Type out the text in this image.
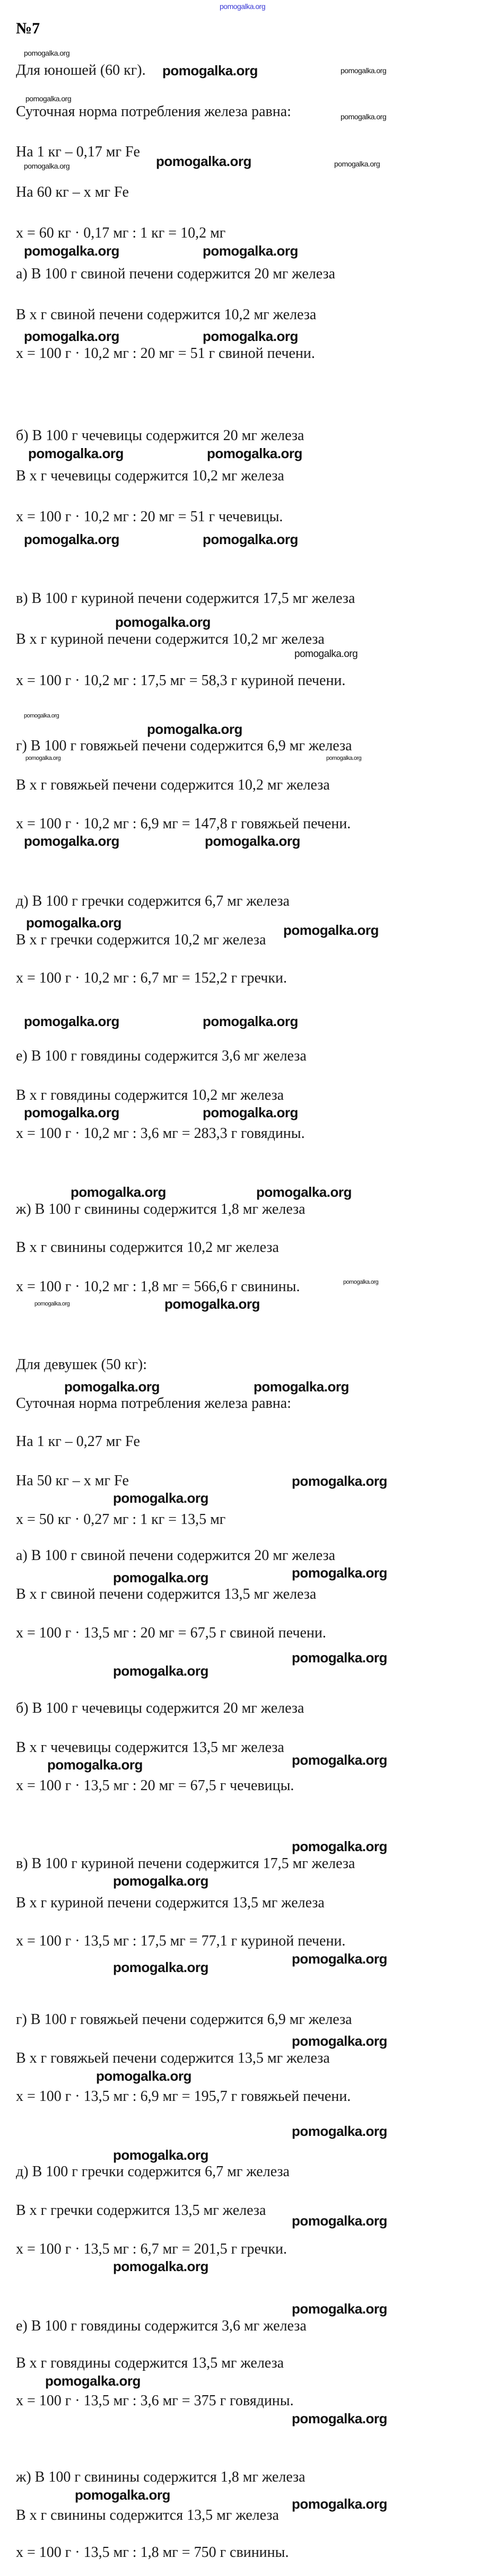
pomogalka.org
№7
Для юношей (60 кг).
Суточная норма потребления железа равна:
На 1 кг – 0,17 мг Fe
На 60 кг – х мг Fe
х = 60 кг · 0,17 мг : 1 кг = 10,2 мг
а) В 100 г свиной печени содержится 20 мг железа
В х г свиной печени содержится 10,2 мг железа
х = 100 г · 10,2 мг : 20 мг = 51 г свиной печени.
б) В 100 г чечевицы содержится 20 мг железа
В х г чечевицы содержится 10,2 мг железа
х = 100 г · 10,2 мг : 20 мг = 51 г чечевицы.
в) В 100 г куриной печени содержится 17,5 мг железа
В х г куриной печени содержится 10,2 мг железа
х = 100 г · 10,2 мг : 17,5 мг = 58,3 г куриной печени.
г) В 100 г говяжьей печени содержится 6,9 мг железа
В х г говяжьей печени содержится 10,2 мг железа
х = 100 г · 10,2 мг : 6,9 мг = 147,8 г говяжьей печени.
д) В 100 г гречки содержится 6,7 мг железа
В х г гречки содержится 10,2 мг железа
х = 100 г · 10,2 мг : 6,7 мг = 152,2 г гречки.
е) В 100 г говядины содержится 3,6 мг железа
В х г говядины содержится 10,2 мг железа
х = 100 г · 10,2 мг : 3,6 мг = 283,3 г говядины.
ж) В 100 г свинины содержится 1,8 мг железа
В х г свинины содержится 10,2 мг железа
х = 100 г · 10,2 мг : 1,8 мг = 566,6 г свинины.
Для девушек (50 кг):
Суточная норма потребления железа равна:
На 1 кг – 0,27 мг Fe
На 50 кг – х мг Fe
х = 50 кг · 0,27 мг : 1 кг = 13,5 мг
а) В 100 г свиной печени содержится 20 мг железа
В х г свиной печени содержится 13,5 мг железа
х = 100 г · 13,5 мг : 20 мг = 67,5 г свиной печени.
б) В 100 г чечевицы содержится 20 мг железа
В х г чечевицы содержится 13,5 мг железа
х = 100 г · 13,5 мг : 20 мг = 67,5 г чечевицы.
в) В 100 г куриной печени содержится 17,5 мг железа
В х г куриной печени содержится 13,5 мг железа
х = 100 г · 13,5 мг : 17,5 мг = 77,1 г куриной печени.
г) В 100 г говяжьей печени содержится 6,9 мг железа
В х г говяжьей печени содержится 13,5 мг железа
х = 100 г · 13,5 мг : 6,9 мг = 195,7 г говяжьей печени.
д) В 100 г гречки содержится 6,7 мг железа
В х г гречки содержится 13,5 мг железа
х = 100 г · 13,5 мг : 6,7 мг = 201,5 г гречки.
е) В 100 г говядины содержится 3,6 мг железа
В х г говядины содержится 13,5 мг железа
х = 100 г · 13,5 мг : 3,6 мг = 375 г говядины.
ж) В 100 г свинины содержится 1,8 мг железа
В х г свинины содержится 13,5 мг железа
х = 100 г · 13,5 мг : 1,8 мг = 750 г свинины.
pomogalka.org
pomogalka.org
pomogalka.org
pomogalka.org
pomogalka.org	pomogalka.org
pomogalka.org
pomogalka.org
pomogalka.org	pomogalka.org
pomogalka.org	pomogalka.org
pomogalka.org	pomogalka.org
pomogalka.org	pomogalka.org
pomogalka.org
pomogalka.org
pomogalka.org
pomogalka.org
pomogalka.org	pomogalka.org
pomogalka.org	pomogalka.org
pomogalka.org	pomogalka.org
pomogalka.org	pomogalka.org
pomogalka.org	pomogalka.org
pomogalka.org	pomogalka.org
pomogalka.org
pomogalka.org	pomogalka.org
pomogalka.org	pomogalka.org
pomogalka.org
pomogalka.org
pomogalka.org
pomogalka.org
pomogalka.org
pomogalka.org
pomogalka.org	pomogalka.org
pomogalka.org
pomogalka.org
pomogalka.org
pomogalka.org
pomogalka.org
pomogalka.org
pomogalka.org
pomogalka.org
pomogalka.org
pomogalka.org
pomogalka.org
pomogalka.org
pomogalka.org
pomogalka.org
pomogalka.org
